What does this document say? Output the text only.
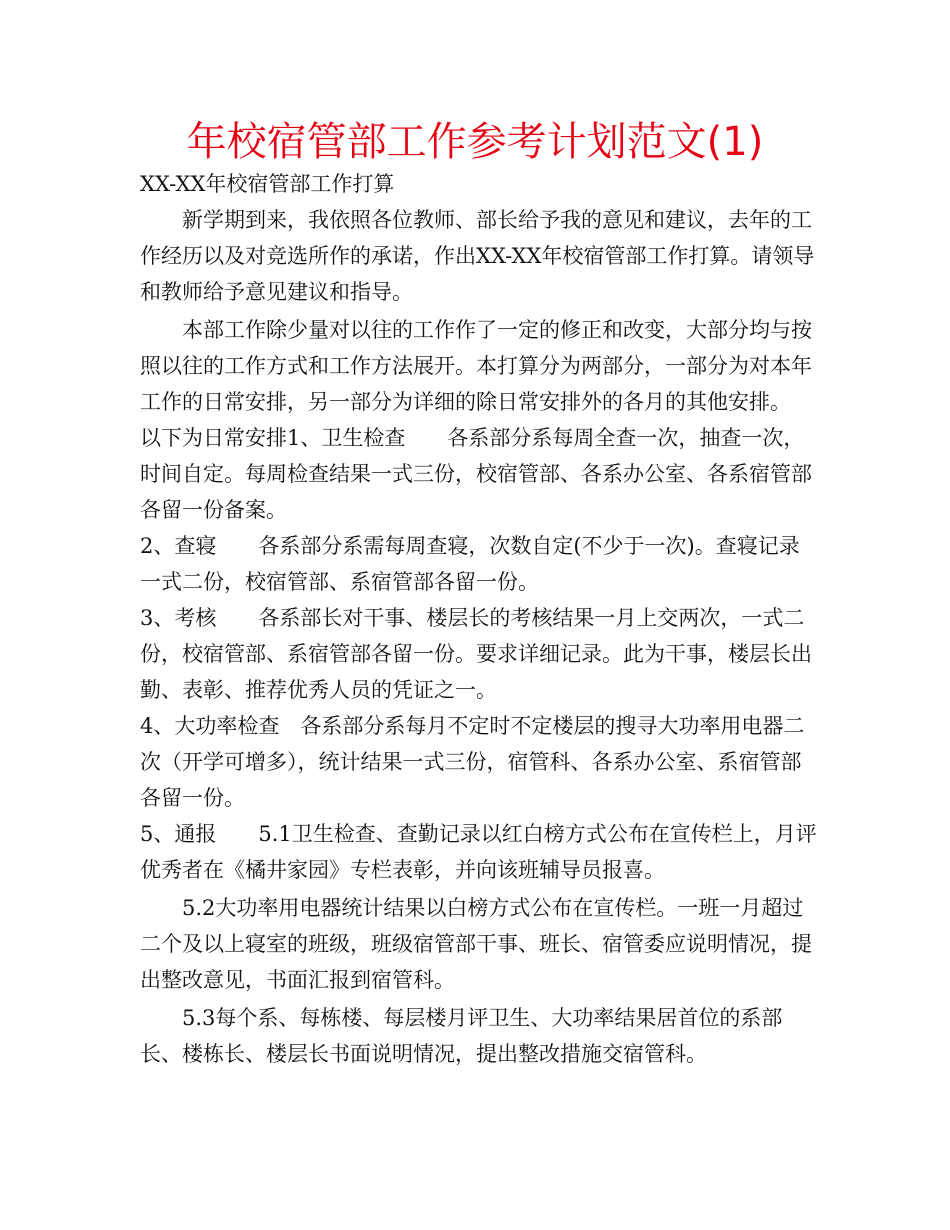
年校宿管部工作参考计划范文(1)

XX-XX年校宿管部工作打算

新学期到来，我依照各位教师、部长给予我的意见和建议，去年的工作经历以及对竞选所作的承诺，作出XX-XX年校宿管部工作打算。请领导和教师给予意见建议和指导。

本部工作除少量对以往的工作作了一定的修正和改变，大部分均与按照以往的工作方式和工作方法展开。本打算分为两部分，一部分为对本年工作的日常安排，另一部分为详细的除日常安排外的各月的其他安排。

以下为日常安排1、卫生检查　　各系部分系每周全查一次，抽查一次，时间自定。每周检查结果一式三份，校宿管部、各系办公室、各系宿管部各留一份备案。

2、查寝　　各系部分系需每周查寝，次数自定(不少于一次)。查寝记录一式二份，校宿管部、系宿管部各留一份。

3、考核　　各系部长对干事、楼层长的考核结果一月上交两次，一式二份，校宿管部、系宿管部各留一份。要求详细记录。此为干事，楼层长出勤、表彰、推荐优秀人员的凭证之一。

4、大功率检查　各系部分系每月不定时不定楼层的搜寻大功率用电器二次（开学可增多），统计结果一式三份，宿管科、各系办公室、系宿管部各留一份。

5、通报　　5.1卫生检查、查勤记录以红白榜方式公布在宣传栏上，月评优秀者在《橘井家园》专栏表彰，并向该班辅导员报喜。

5.2大功率用电器统计结果以白榜方式公布在宣传栏。一班一月超过二个及以上寝室的班级，班级宿管部干事、班长、宿管委应说明情况，提出整改意见，书面汇报到宿管科。

5.3每个系、每栋楼、每层楼月评卫生、大功率结果居首位的系部长、楼栋长、楼层长书面说明情况，提出整改措施交宿管科。
